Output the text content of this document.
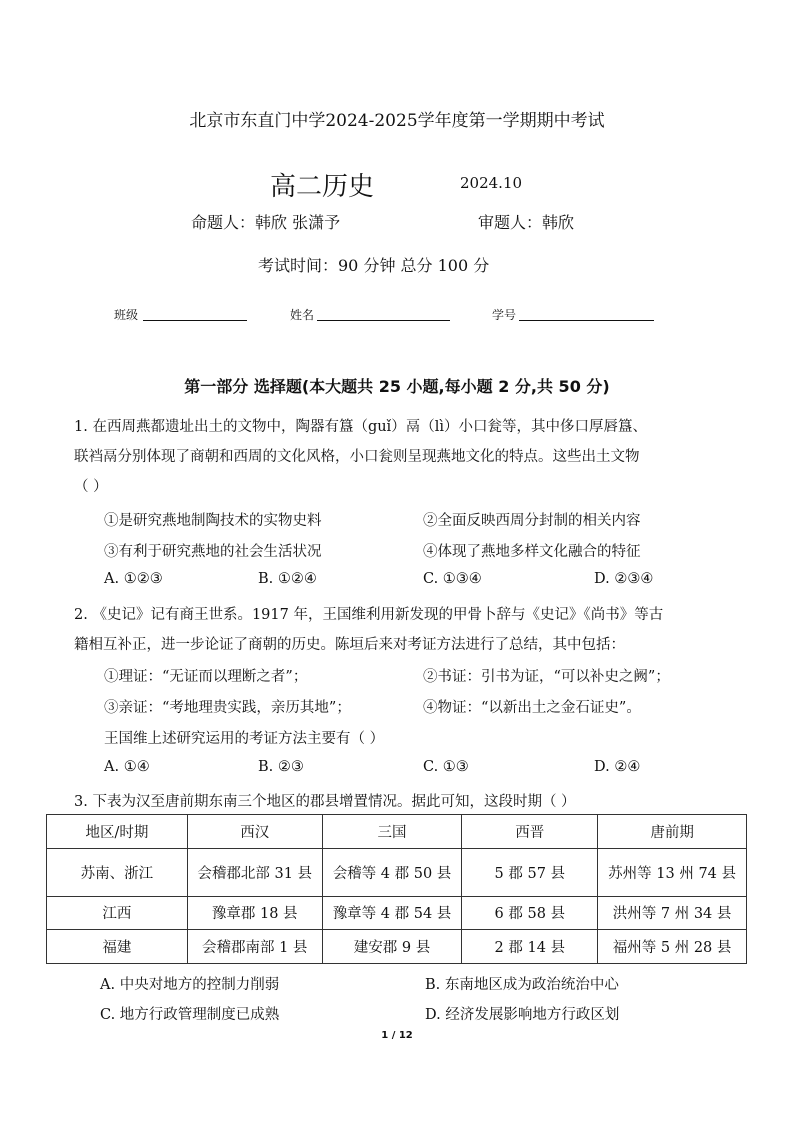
北京市东直门中学2024-2025学年度第一学期期中考试
高二历史	2024.10
命题人：韩欣 张潇予	审题人：韩欣
考试时间：90 分钟 总分 100 分
班级	姓名	学号
第一部分 选择题(本大题共 25 小题,每小题 2 分,共 50 分)
1. 在西周燕都遗址出土的文物中，陶器有簋（guǐ）鬲（lì）小口瓮等，其中侈口厚唇簋、
联裆鬲分别体现了商朝和西周的文化风格，小口瓮则呈现燕地文化的特点。这些出土文物
（ ）
①是研究燕地制陶技术的实物史料	②全面反映西周分封制的相关内容
③有利于研究燕地的社会生活状况	④体现了燕地多样文化融合的特征
A. ①②③	B. ①②④	C. ①③④	D. ②③④
2. 《史记》记有商王世系。1917 年，王国维利用新发现的甲骨卜辞与《史记》《尚书》等古
籍相互补正，进一步论证了商朝的历史。陈垣后来对考证方法进行了总结，其中包括：
①理证：“无证而以理断之者”；	②书证：引书为证，“可以补史之阙”；
③亲证：“考地理贵实践，亲历其地”；	④物证：“以新出土之金石证史”。
王国维上述研究运用的考证方法主要有（ ）
A. ①④	B. ②③	C. ①③	D. ②④
3. 下表为汉至唐前期东南三个地区的郡县增置情况。据此可知，这段时期（ ）
地区/时期	西汉	三国	西晋	唐前期
苏南、浙江	会稽郡北部 31 县	会稽等 4 郡 50 县	5 郡 57 县	苏州等 13 州 74 县
江西	豫章郡 18 县	豫章等 4 郡 54 县	6 郡 58 县	洪州等 7 州 34 县
福建	会稽郡南部 1 县	建安郡 9 县	2 郡 14 县	福州等 5 州 28 县
A. 中央对地方的控制力削弱	B. 东南地区成为政治统治中心
C. 地方行政管理制度已成熟	D. 经济发展影响地方行政区划
1 / 12
